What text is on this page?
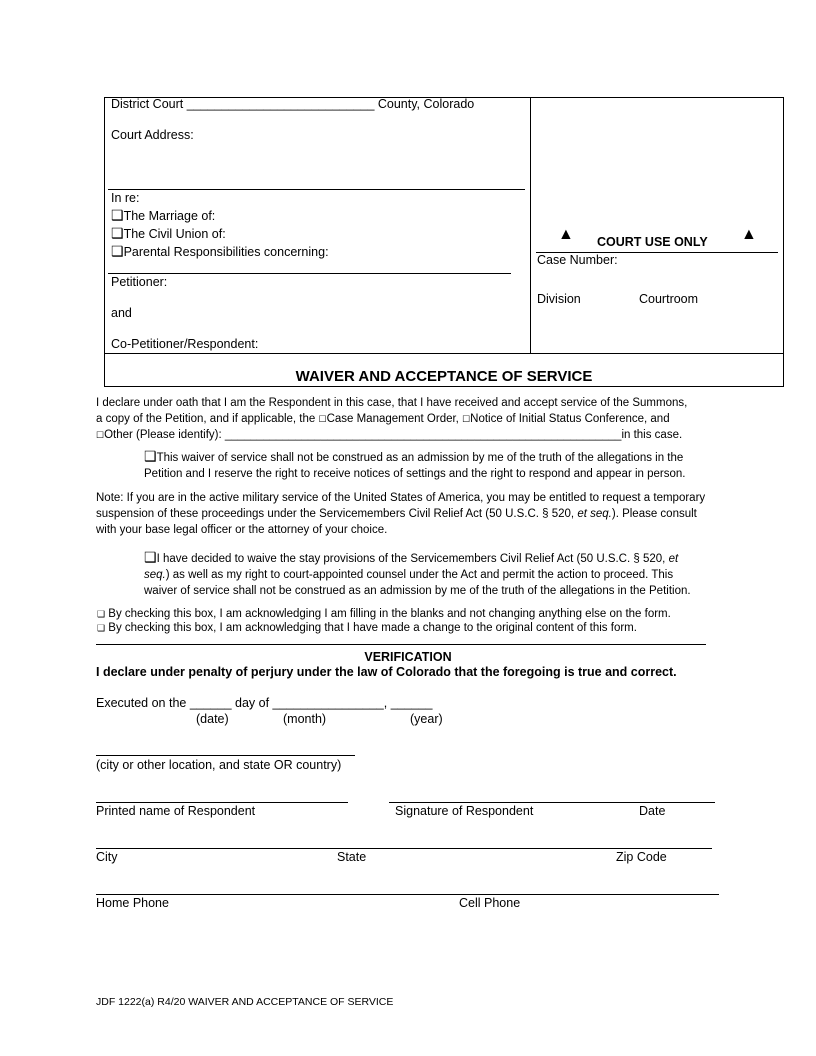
District Court ___________________________ County, Colorado
Court Address:
In re:
❑The Marriage of:
❑The Civil Union of:
❑Parental Responsibilities concerning:
Petitioner:
and
Co-Petitioner/Respondent:
▲ COURT USE ONLY ▲
Case Number:
Division	Courtroom
WAIVER AND ACCEPTANCE OF SERVICE
I declare under oath that I am the Respondent in this case, that I have received and accept service of the Summons,
a copy of the Petition, and if applicable, the ☐Case Management Order, ☐Notice of Initial Status Conference, and
☐Other (Please identify): ______________________________________________________________in this case.
❑This waiver of service shall not be construed as an admission by me of the truth of the allegations in the
Petition and I reserve the right to receive notices of settings and the right to respond and appear in person.
Note: If you are in the active military service of the United States of America, you may be entitled to request a temporary
suspension of these proceedings under the Servicemembers Civil Relief Act (50 U.S.C. § 520, et seq.). Please consult
with your base legal officer or the attorney of your choice.
❑I have decided to waive the stay provisions of the Servicemembers Civil Relief Act (50 U.S.C. § 520, et
seq.) as well as my right to court-appointed counsel under the Act and permit the action to proceed. This
waiver of service shall not be construed as an admission by me of the truth of the allegations in the Petition.
❑ By checking this box, I am acknowledging I am filling in the blanks and not changing anything else on the form.
❑ By checking this box, I am acknowledging that I have made a change to the original content of this form.
VERIFICATION
I declare under penalty of perjury under the law of Colorado that the foregoing is true and correct.
Executed on the ______ day of ________________, ______
(date)	(month)	(year)
(city or other location, and state OR country)
Printed name of Respondent	Signature of Respondent	Date
City	State	Zip Code
Home Phone	Cell Phone
JDF 1222(a) R4/20 WAIVER AND ACCEPTANCE OF SERVICE
